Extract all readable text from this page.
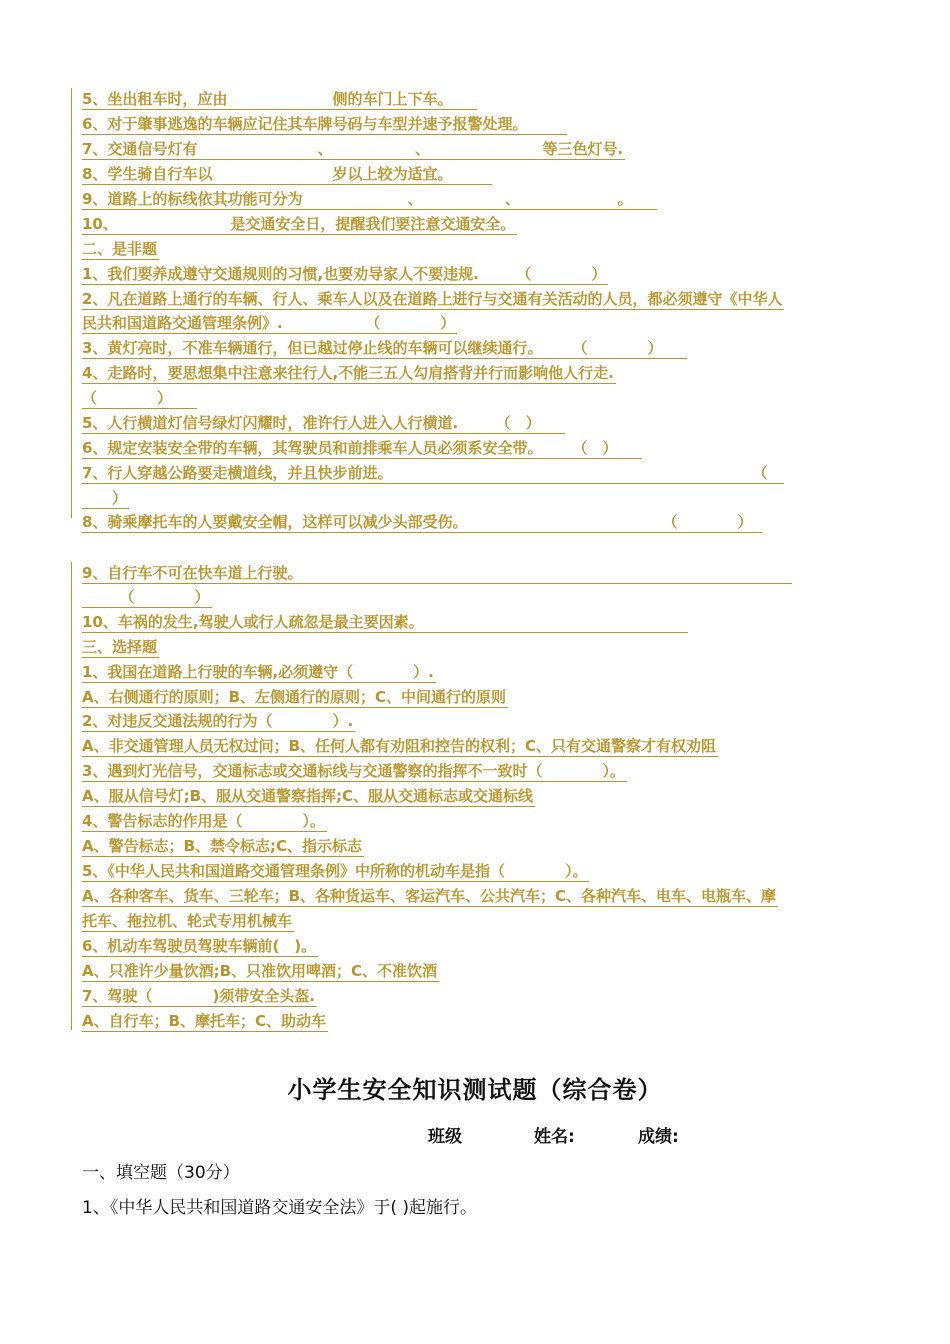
5、坐出租车时，应由　　　　　　　侧的车门上下车。　　
6、对于肇事逃逸的车辆应记住其车牌号码与车型并速予报警处理。　　　
7、交通信号灯有　　　　　　　　、　　　　　　、　　　　　　　　等三色灯号.
8、学生骑自行车以　　　　　　　　岁以上较为适宜。　　　
9、道路上的标线依其功能可分为　　　　　　　、　　　　　　、　　　　　　　。　　
10、　　　　　　　　是交通安全日，提醒我们要注意交通安全。
二、是非题
1、我们要养成遵守交通规则的习惯,也要劝导家人不要违规.　　　（　　　　）
2、凡在道路上通行的车辆、行人、乘车人以及在道路上进行与交通有关活动的人员，都必须遵守《中华人
民共和国道路交通管理条例》.　　　　　　（　　　　）
3、黄灯亮时，不准车辆通行，但已越过停止线的车辆可以继续通行。　　　（　　　　）　　
4、走路时，要思想集中注意来往行人,不能三五人勾肩搭背并行而影响他人行走.
（　　　　）　　
5、人行横道灯信号绿灯闪耀时，准许行人进入人行横道.　　　（　）　　
6、规定安装安全带的车辆，其驾驶员和前排乘车人员必须系安全带。　　　（　）　　
7、行人穿越公路要走横道线，并且快步前进。　　　　　　　　　　　　　　　　　　　　　　　　　（　
　　）
8、骑乘摩托车的人要戴安全帽，这样可以减少头部受伤。　　　　　　　　　　　　　　（　　　　）　
9、自行车不可在快车道上行驶。　　　　　　　　　　　　　　　　　　　　　　　　　　　　　　　　　
　　　（　　　　）
10、车祸的发生,驾驶人或行人疏忽是最主要因素。　　　　　　　　　　　　　　　　　　
三、选择题
1、我国在道路上行驶的车辆,必须遵守（　　　　）.
A、右侧通行的原则；B、左侧通行的原则；C、中间通行的原则
2、对违反交通法规的行为（　　　　）.
A、非交通管理人员无权过问；B、任何人都有劝阻和控告的权利；C、只有交通警察才有权劝阻
3、遇到灯光信号，交通标志或交通标线与交通警察的指挥不一致时（　　　　）。
A、服从信号灯;B、服从交通警察指挥;C、服从交通标志或交通标线
4、警告标志的作用是（　　　　）。
A、警告标志；B、禁令标志;C、指示标志
5、《中华人民共和国道路交通管理条例》中所称的机动车是指（　　　　）。
A、各种客车、货车、三轮车；B、各种货运车、客运汽车、公共汽车；C、各种汽车、电车、电瓶车、摩
托车、拖拉机、轮式专用机械车
6、机动车驾驶员驾驶车辆前(　)。
A、只准许少量饮酒;B、只准饮用啤酒；C、不准饮酒
7、驾驶（　　　　)须带安全头盔.
A、自行车；B、摩托车；C、助动车
小学生安全知识测试题（综合卷）
班级	姓名:	成绩:
一、填空题（30分）
1、《中华人民共和国道路交通安全法》于( )起施行。
